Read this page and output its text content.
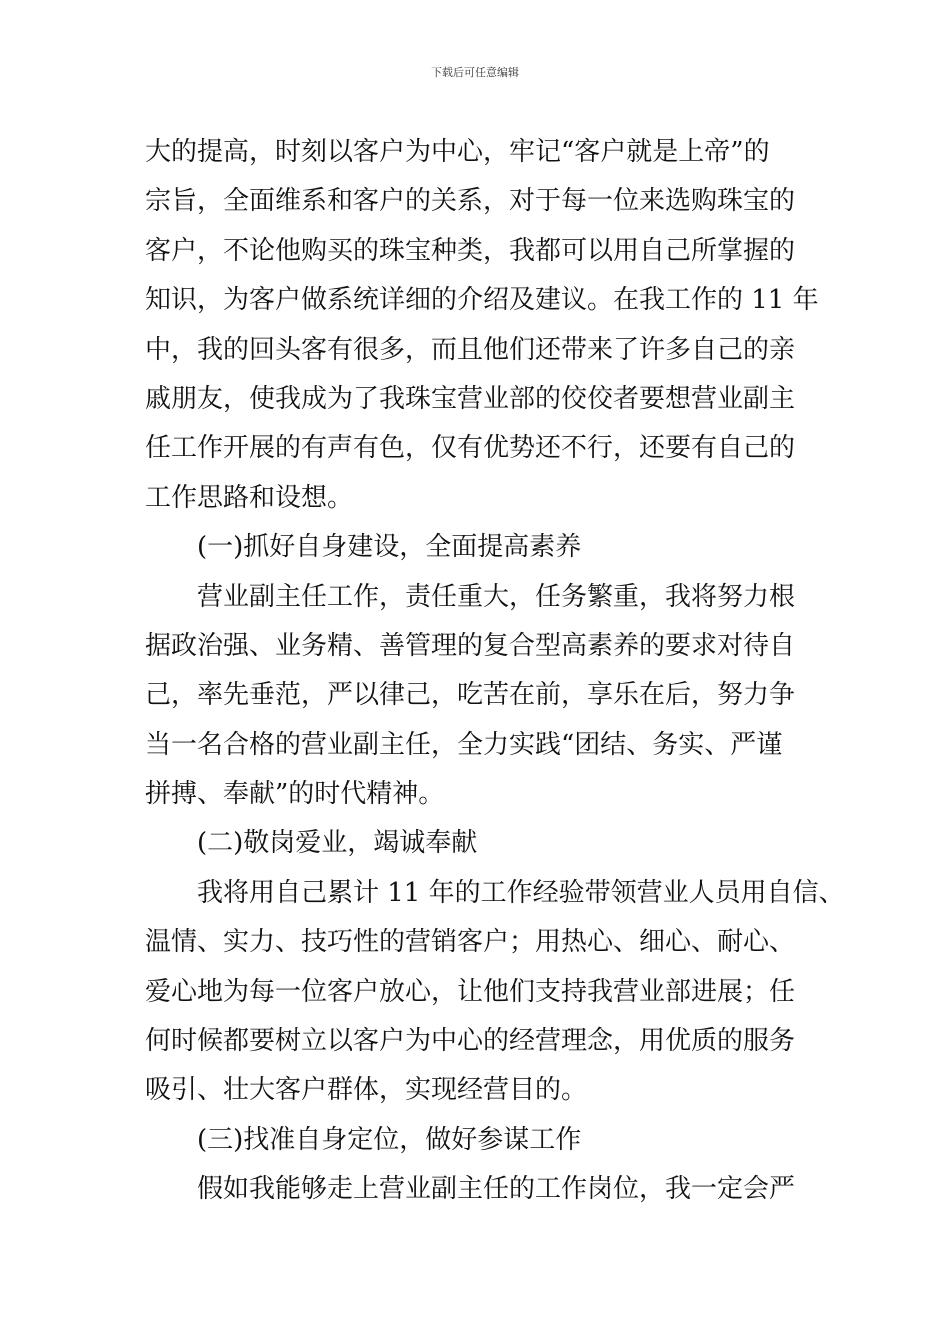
下载后可任意编辑
大的提高，时刻以客户为中心，牢记“客户就是上帝”的
宗旨，全面维系和客户的关系，对于每一位来选购珠宝的
客户，不论他购买的珠宝种类，我都可以用自己所掌握的
知识，为客户做系统详细的介绍及建议。在我工作的 11 年
中，我的回头客有很多，而且他们还带来了许多自己的亲
戚朋友，使我成为了我珠宝营业部的佼佼者要想营业副主
任工作开展的有声有色，仅有优势还不行，还要有自己的
工作思路和设想。
(一)抓好自身建设，全面提高素养
营业副主任工作，责任重大，任务繁重，我将努力根
据政治强、业务精、善管理的复合型高素养的要求对待自
己，率先垂范，严以律己，吃苦在前，享乐在后，努力争
当一名合格的营业副主任，全力实践“团结、务实、严谨
拼搏、奉献”的时代精神。
(二)敬岗爱业，竭诚奉献
我将用自己累计 11 年的工作经验带领营业人员用自信、
温情、实力、技巧性的营销客户；用热心、细心、耐心、
爱心地为每一位客户放心，让他们支持我营业部进展；任
何时候都要树立以客户为中心的经营理念，用优质的服务
吸引、壮大客户群体，实现经营目的。
(三)找准自身定位，做好参谋工作
假如我能够走上营业副主任的工作岗位，我一定会严
